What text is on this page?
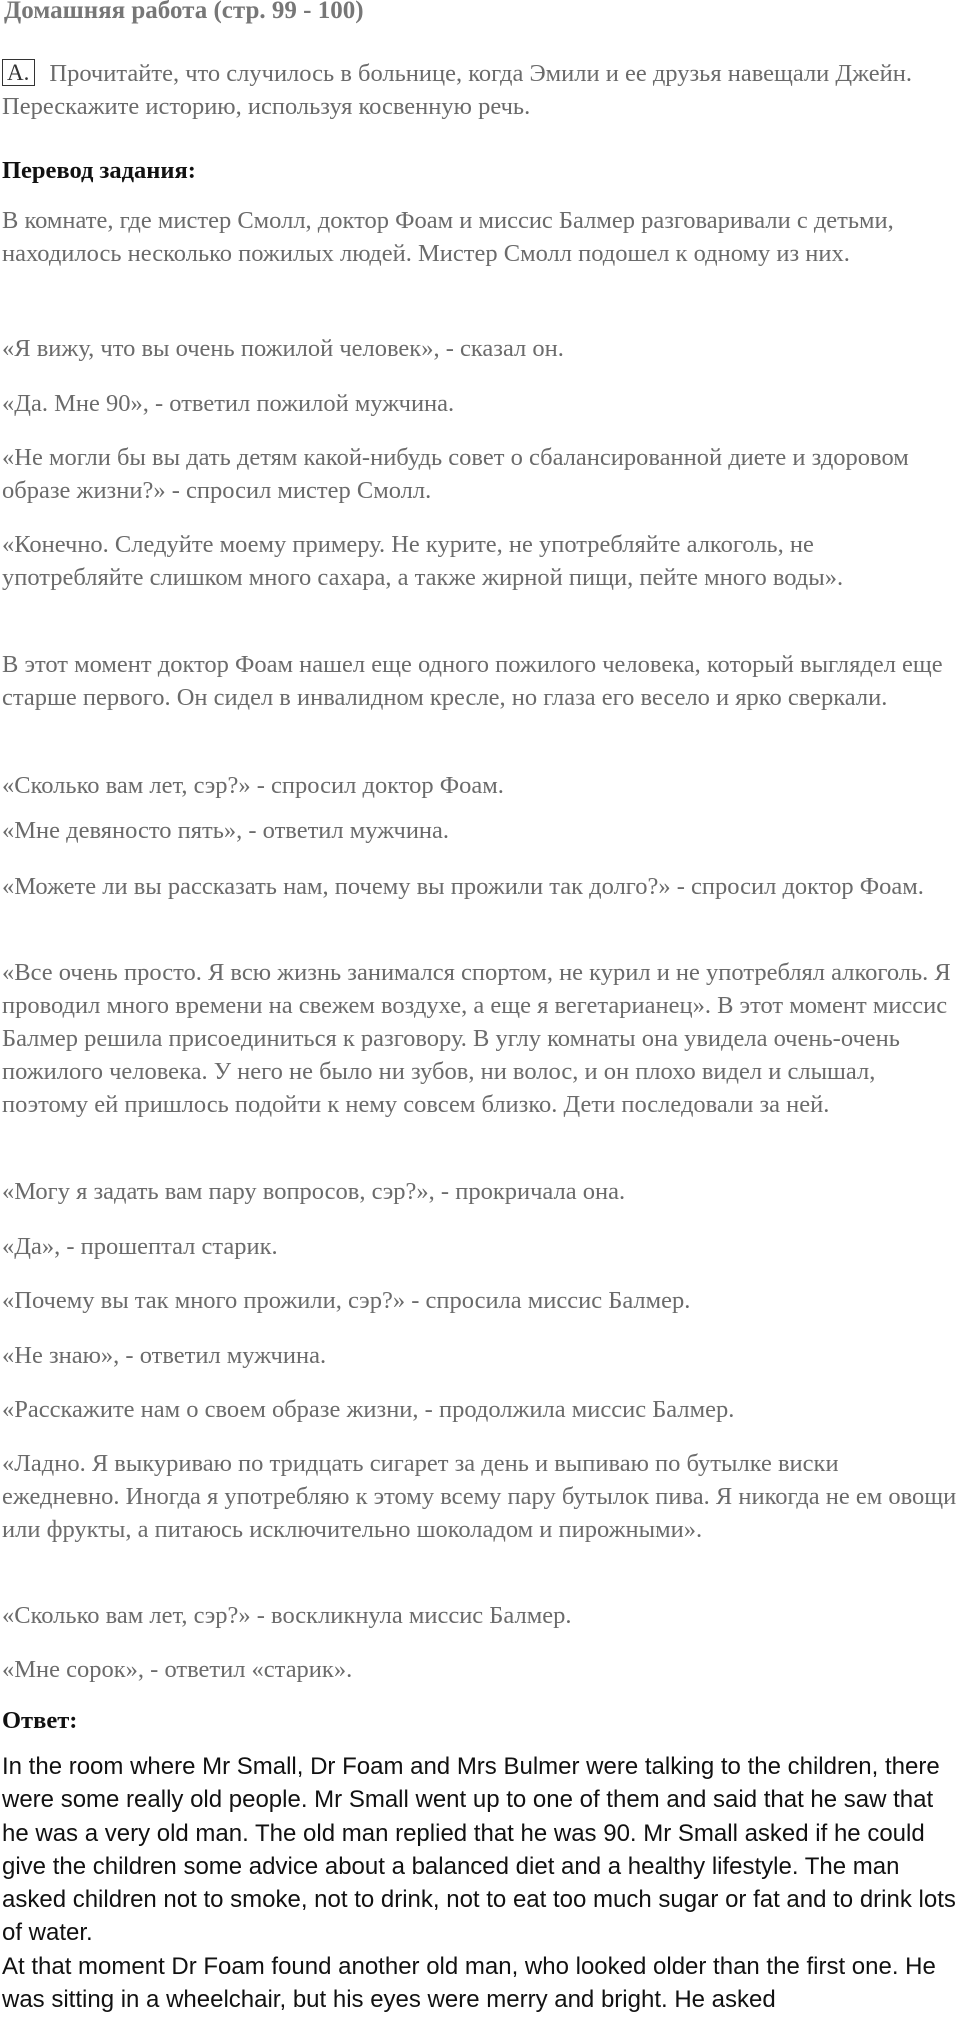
Домашняя работа (стр. 99 - 100)

A. Прочитайте, что случилось в больнице, когда Эмили и ее друзья навещали Джейн. Перескажите историю, используя косвенную речь.

Перевод задания:

В комнате, где мистер Смолл, доктор Фоам и миссис Балмер разговаривали с детьми, находилось несколько пожилых людей. Мистер Смолл подошел к одному из них.

«Я вижу, что вы очень пожилой человек», - сказал он.

«Да. Мне 90», - ответил пожилой мужчина.

«Не могли бы вы дать детям какой-нибудь совет о сбалансированной диете и здоровом образе жизни?» - спросил мистер Смолл.

«Конечно. Следуйте моему примеру. Не курите, не употребляйте алкоголь, не употребляйте слишком много сахара, а также жирной пищи, пейте много воды».

В этот момент доктор Фоам нашел еще одного пожилого человека, который выглядел еще старше первого. Он сидел в инвалидном кресле, но глаза его весело и ярко сверкали.

«Сколько вам лет, сэр?» - спросил доктор Фоам.

«Мне девяносто пять», - ответил мужчина.

«Можете ли вы рассказать нам, почему вы прожили так долго?» - спросил доктор Фоам.

«Все очень просто. Я всю жизнь занимался спортом, не курил и не употреблял алкоголь. Я проводил много времени на свежем воздухе, а еще я вегетарианец». В этот момент миссис Балмер решила присоединиться к разговору. В углу комнаты она увидела очень-очень пожилого человека. У него не было ни зубов, ни волос, и он плохо видел и слышал, поэтому ей пришлось подойти к нему совсем близко. Дети последовали за ней.

«Могу я задать вам пару вопросов, сэр?», - прокричала она.

«Да», - прошептал старик.

«Почему вы так много прожили, сэр?» - спросила миссис Балмер.

«Не знаю», - ответил мужчина.

«Расскажите нам о своем образе жизни, - продолжила миссис Балмер.

«Ладно. Я выкуриваю по тридцать сигарет за день и выпиваю по бутылке виски ежедневно. Иногда я употребляю к этому всему пару бутылок пива. Я никогда не ем овощи или фрукты, а питаюсь исключительно шоколадом и пирожными».

«Сколько вам лет, сэр?» - воскликнула миссис Балмер.

«Мне сорок», - ответил «старик».

Ответ:

In the room where Mr Small, Dr Foam and Mrs Bulmer were talking to the children, there were some really old people. Mr Small went up to one of them and said that he saw that he was a very old man. The old man replied that he was 90. Mr Small asked if he could give the children some advice about a balanced diet and a healthy lifestyle. The man asked children not to smoke, not to drink, not to eat too much sugar or fat and to drink lots of water.

At that moment Dr Foam found another old man, who looked older than the first one. He was sitting in a wheelchair, but his eyes were merry and bright. He asked
